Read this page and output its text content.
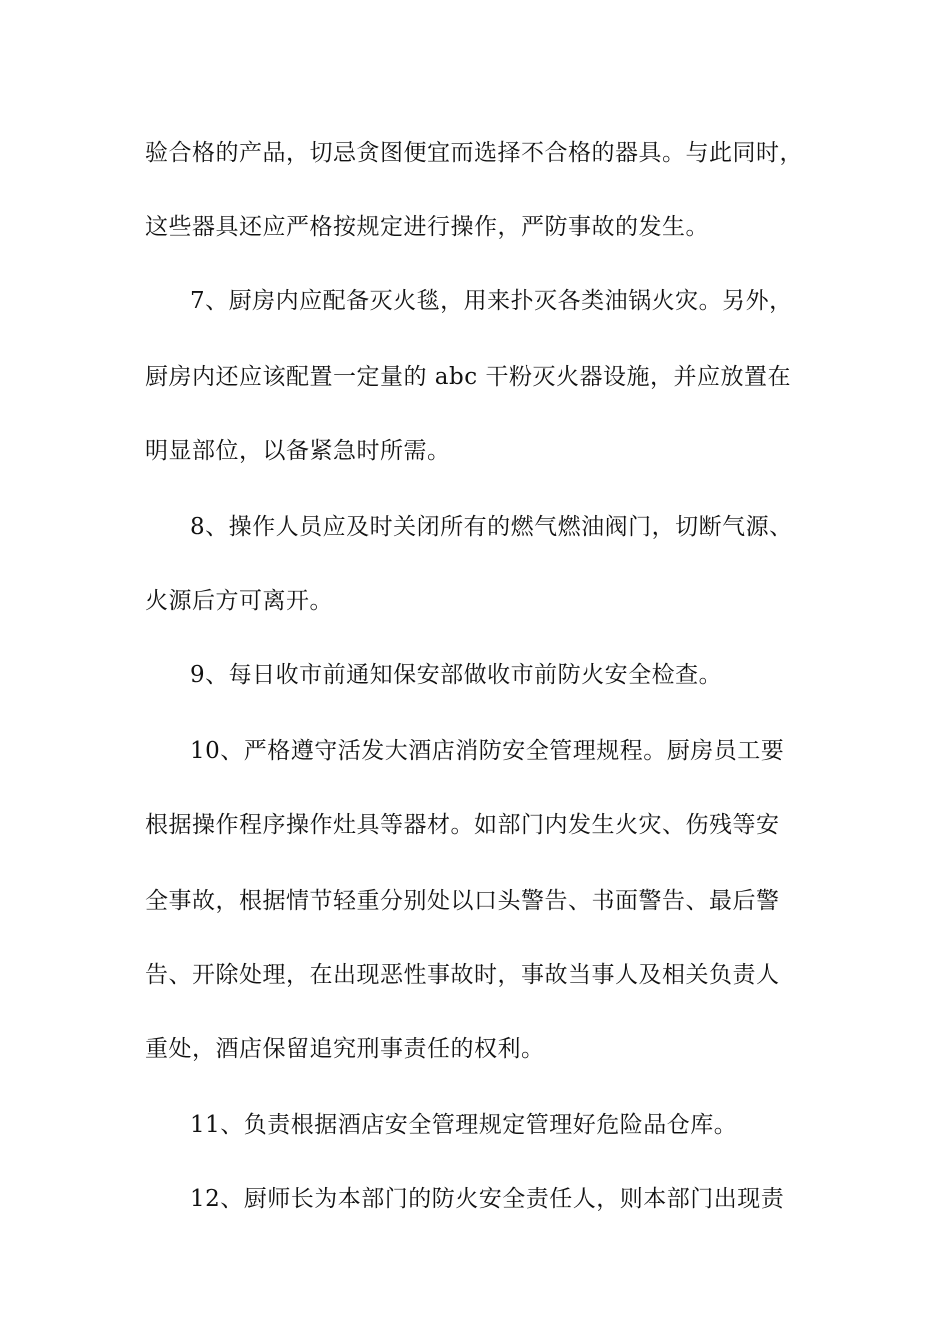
验合格的产品，切忌贪图便宜而选择不合格的器具。与此同时，
这些器具还应严格按规定进行操作，严防事故的发生。
7、厨房内应配备灭火毯，用来扑灭各类油锅火灾。另外，
厨房内还应该配置一定量的 abc 干粉灭火器设施，并应放置在
明显部位，以备紧急时所需。
8、操作人员应及时关闭所有的燃气燃油阀门，切断气源、
火源后方可离开。
9、每日收市前通知保安部做收市前防火安全检查。
10、严格遵守活发大酒店消防安全管理规程。厨房员工要
根据操作程序操作灶具等器材。如部门内发生火灾、伤残等安
全事故，根据情节轻重分别处以口头警告、书面警告、最后警
告、开除处理，在出现恶性事故时，事故当事人及相关负责人
重处，酒店保留追究刑事责任的权利。
11、负责根据酒店安全管理规定管理好危险品仓库。
12、厨师长为本部门的防火安全责任人，则本部门出现责
